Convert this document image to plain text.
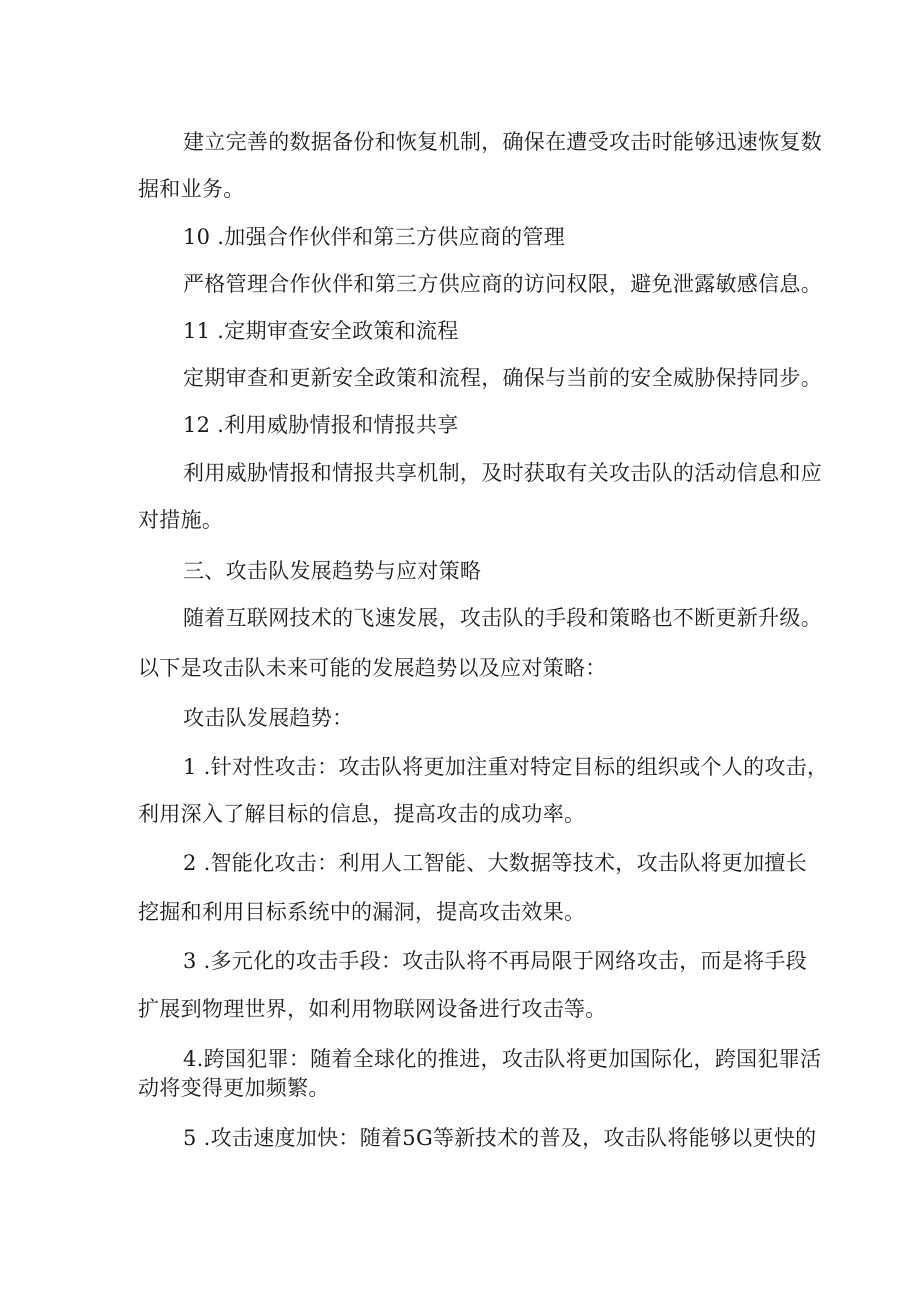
建立完善的数据备份和恢复机制，确保在遭受攻击时能够迅速恢复数
据和业务。
10 .加强合作伙伴和第三方供应商的管理
严格管理合作伙伴和第三方供应商的访问权限，避免泄露敏感信息。
11 .定期审查安全政策和流程
定期审查和更新安全政策和流程，确保与当前的安全威胁保持同步。
12 .利用威胁情报和情报共享
利用威胁情报和情报共享机制，及时获取有关攻击队的活动信息和应
对措施。
三、攻击队发展趋势与应对策略
随着互联网技术的飞速发展，攻击队的手段和策略也不断更新升级。
以下是攻击队未来可能的发展趋势以及应对策略：
攻击队发展趋势：
1 .针对性攻击：攻击队将更加注重对特定目标的组织或个人的攻击，
利用深入了解目标的信息，提高攻击的成功率。
2 .智能化攻击：利用人工智能、大数据等技术，攻击队将更加擅长
挖掘和利用目标系统中的漏洞，提高攻击效果。
3 .多元化的攻击手段：攻击队将不再局限于网络攻击，而是将手段
扩展到物理世界，如利用物联网设备进行攻击等。
4.跨国犯罪：随着全球化的推进，攻击队将更加国际化，跨国犯罪活
动将变得更加频繁。
5 .攻击速度加快：随着5G等新技术的普及，攻击队将能够以更快的
